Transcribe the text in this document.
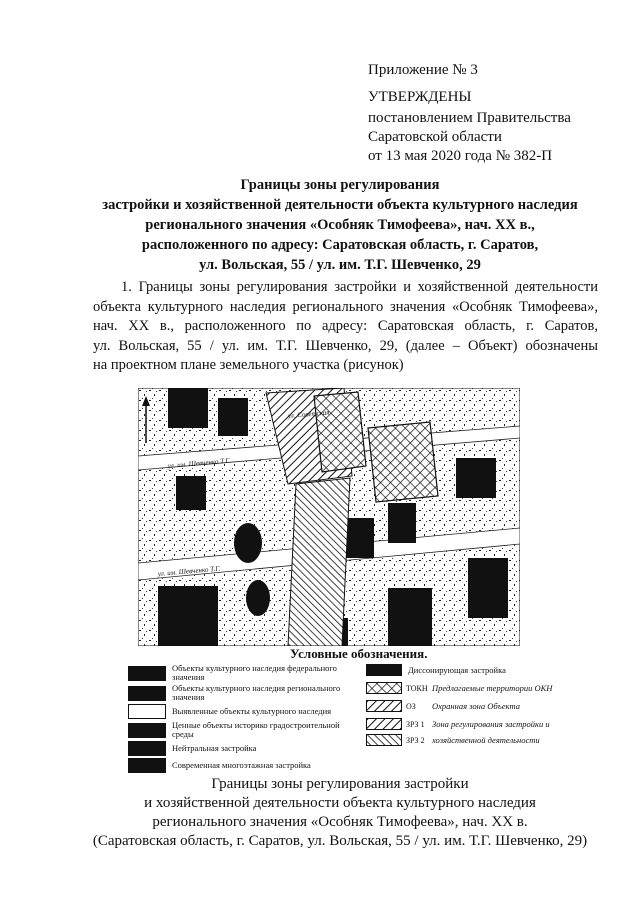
Приложение № 3
УТВЕРЖДЕНЫ
постановлением Правительства
Саратовской области
от 13 мая 2020 года № 382-П
Границы зоны регулирования
застройки и хозяйственной деятельности объекта культурного наследия
регионального значения «Особняк Тимофеева», нач. XX в.,
расположенного по адресу: Саратовская область, г. Саратов,
ул. Вольская, 55 / ул. им. Т.Г. Шевченко, 29
1. Границы зоны регулирования застройки и хозяйственной деятельности
объекта культурного наследия регионального значения «Особняк Тимофеева»,
нач. XX в., расположенного по адресу: Саратовская область, г. Саратов,
ул. Вольская, 55 / ул. им. Т.Г. Шевченко, 29, (далее – Объект) обозначены
на проектном плане земельного участка (рисунок)
ул. Советская
ул. им. Шевченко Т.Г.
ул. им. Шевченко Т.Г.
Условные обозначения.
Объекты культурного наследия федерального значения
Объекты культурного наследия регионального значения
Выявленные объекты культурного наследия
Ценные объекты историко градостроительной среды
Нейтральная застройка
Современная многоэтажная застройка
Диссонирующая застройка
ТОКН Предлагаемые территории ОКН
ОЗ	Охранная зона Объекта
ЗРЗ 1 Зона регулирования застройки и
ЗРЗ 2 хозяйственной деятельности
Границы зоны регулирования застройки
и хозяйственной деятельности объекта культурного наследия
регионального значения «Особняк Тимофеева», нач. XX в.
(Саратовская область, г. Саратов, ул. Вольская, 55 / ул. им. Т.Г. Шевченко, 29)
